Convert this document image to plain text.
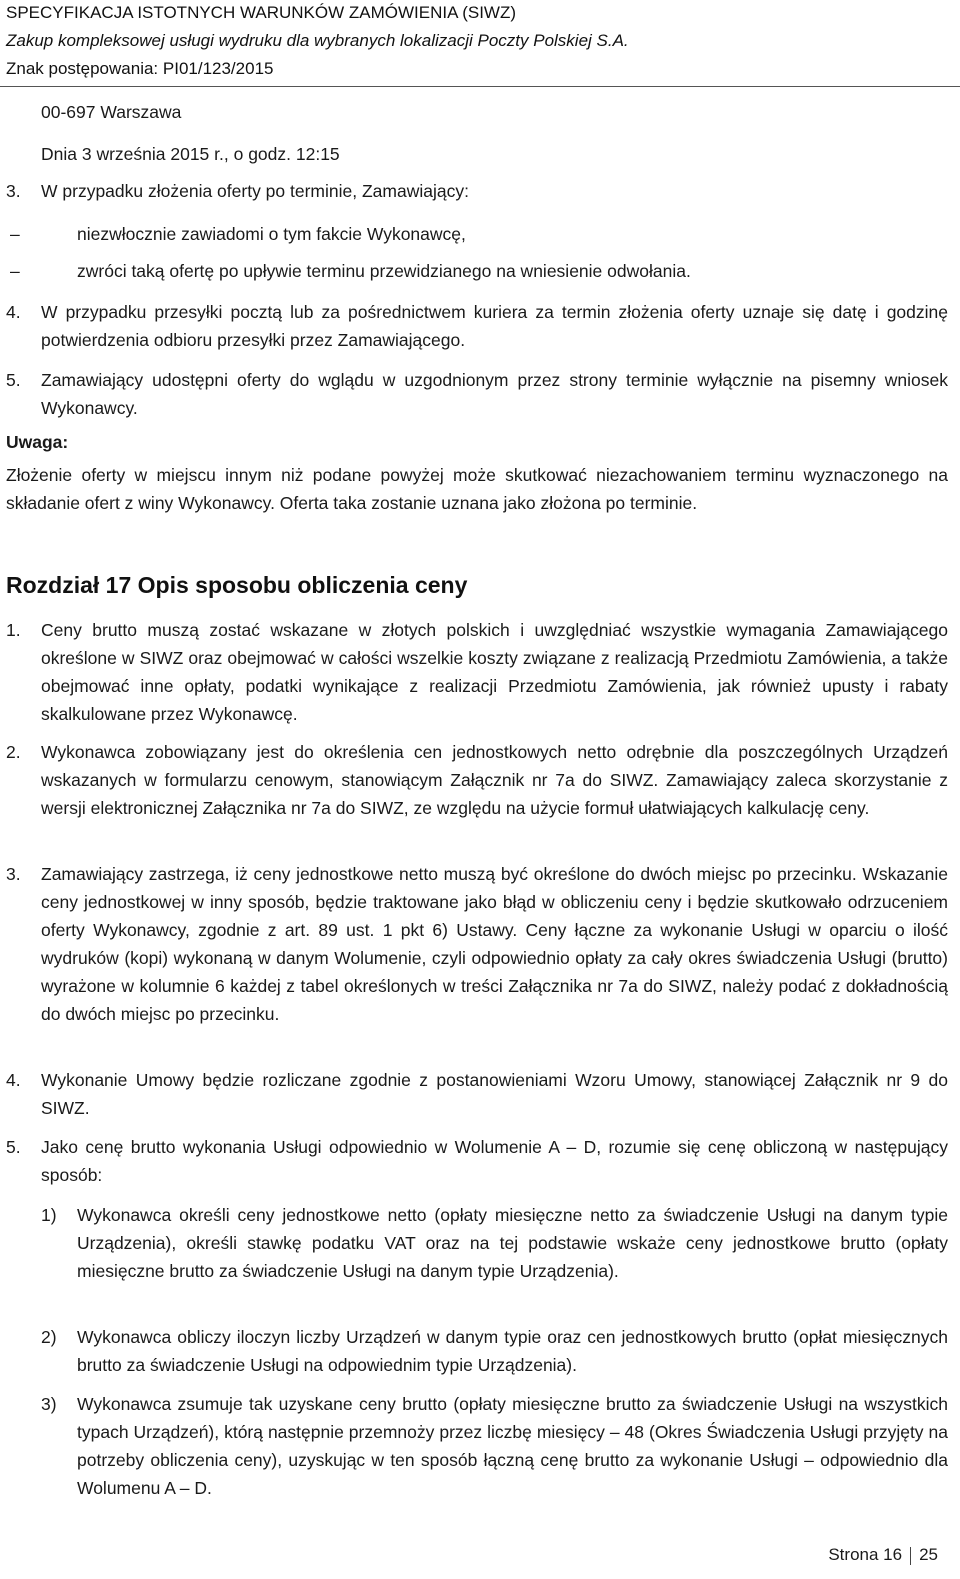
SPECYFIKACJA ISTOTNYCH WARUNKÓW ZAMÓWIENIA (SIWZ)
Zakup kompleksowej usługi wydruku dla wybranych lokalizacji Poczty Polskiej S.A.
Znak postępowania: PI01/123/2015
00-697 Warszawa
Dnia 3 września 2015 r., o godz. 12:15
3. W przypadku złożenia oferty po terminie, Zamawiający:
–	niezwłocznie zawiadomi o tym fakcie Wykonawcę,
–	zwróci taką ofertę po upływie terminu przewidzianego na wniesienie odwołania.
4. W przypadku przesyłki pocztą lub za pośrednictwem kuriera za termin złożenia oferty uznaje się datę i godzinę potwierdzenia odbioru przesyłki przez Zamawiającego.
5. Zamawiający udostępni oferty do wglądu w uzgodnionym przez strony terminie wyłącznie na pisemny wniosek Wykonawcy.
Uwaga:
Złożenie oferty w miejscu innym niż podane powyżej może skutkować niezachowaniem terminu wyznaczonego na składanie ofert z winy Wykonawcy. Oferta taka zostanie uznana jako złożona po terminie.
Rozdział 17 Opis sposobu obliczenia ceny
1. Ceny brutto muszą zostać wskazane w złotych polskich i uwzględniać wszystkie wymagania Zamawiającego określone w SIWZ oraz obejmować w całości wszelkie koszty związane z realizacją Przedmiotu Zamówienia, a także obejmować inne opłaty, podatki wynikające z realizacji Przedmiotu Zamówienia, jak również upusty i rabaty skalkulowane przez Wykonawcę.
2. Wykonawca zobowiązany jest do określenia cen jednostkowych netto odrębnie dla poszczególnych Urządzeń wskazanych w formularzu cenowym, stanowiącym Załącznik nr 7a do SIWZ. Zamawiający zaleca skorzystanie z wersji elektronicznej Załącznika nr 7a do SIWZ, ze względu na użycie formuł ułatwiających kalkulację ceny.
3. Zamawiający zastrzega, iż ceny jednostkowe netto muszą być określone do dwóch miejsc po przecinku. Wskazanie ceny jednostkowej w inny sposób, będzie traktowane jako błąd w obliczeniu ceny i będzie skutkowało odrzuceniem oferty Wykonawcy, zgodnie z art. 89 ust. 1 pkt 6) Ustawy. Ceny łączne za wykonanie Usługi w oparciu o ilość wydruków (kopi) wykonaną w danym Wolumenie, czyli odpowiednio opłaty za cały okres świadczenia Usługi (brutto) wyrażone w kolumnie 6 każdej z tabel określonych w treści Załącznika nr 7a do SIWZ, należy podać z dokładnością do dwóch miejsc po przecinku.
4. Wykonanie Umowy będzie rozliczane zgodnie z postanowieniami Wzoru Umowy, stanowiącej Załącznik nr 9 do SIWZ.
5. Jako cenę brutto wykonania Usługi odpowiednio w Wolumenie A – D, rozumie się cenę obliczoną w następujący sposób:
1) Wykonawca określi ceny jednostkowe netto (opłaty miesięczne netto za świadczenie Usługi na danym typie Urządzenia), określi stawkę podatku VAT oraz na tej podstawie wskaże ceny jednostkowe brutto (opłaty miesięczne brutto za świadczenie Usługi na danym typie Urządzenia).
2) Wykonawca obliczy iloczyn liczby Urządzeń w danym typie oraz cen jednostkowych brutto (opłat miesięcznych brutto za świadczenie Usługi na odpowiednim typie Urządzenia).
3) Wykonawca zsumuje tak uzyskane ceny brutto (opłaty miesięczne brutto za świadczenie Usługi na wszystkich typach Urządzeń), którą następnie przemnoży przez liczbę miesięcy – 48 (Okres Świadczenia Usługi przyjęty na potrzeby obliczenia ceny), uzyskując w ten sposób łączną cenę brutto za wykonanie Usługi – odpowiednio dla Wolumenu A – D.
Strona 16 25
